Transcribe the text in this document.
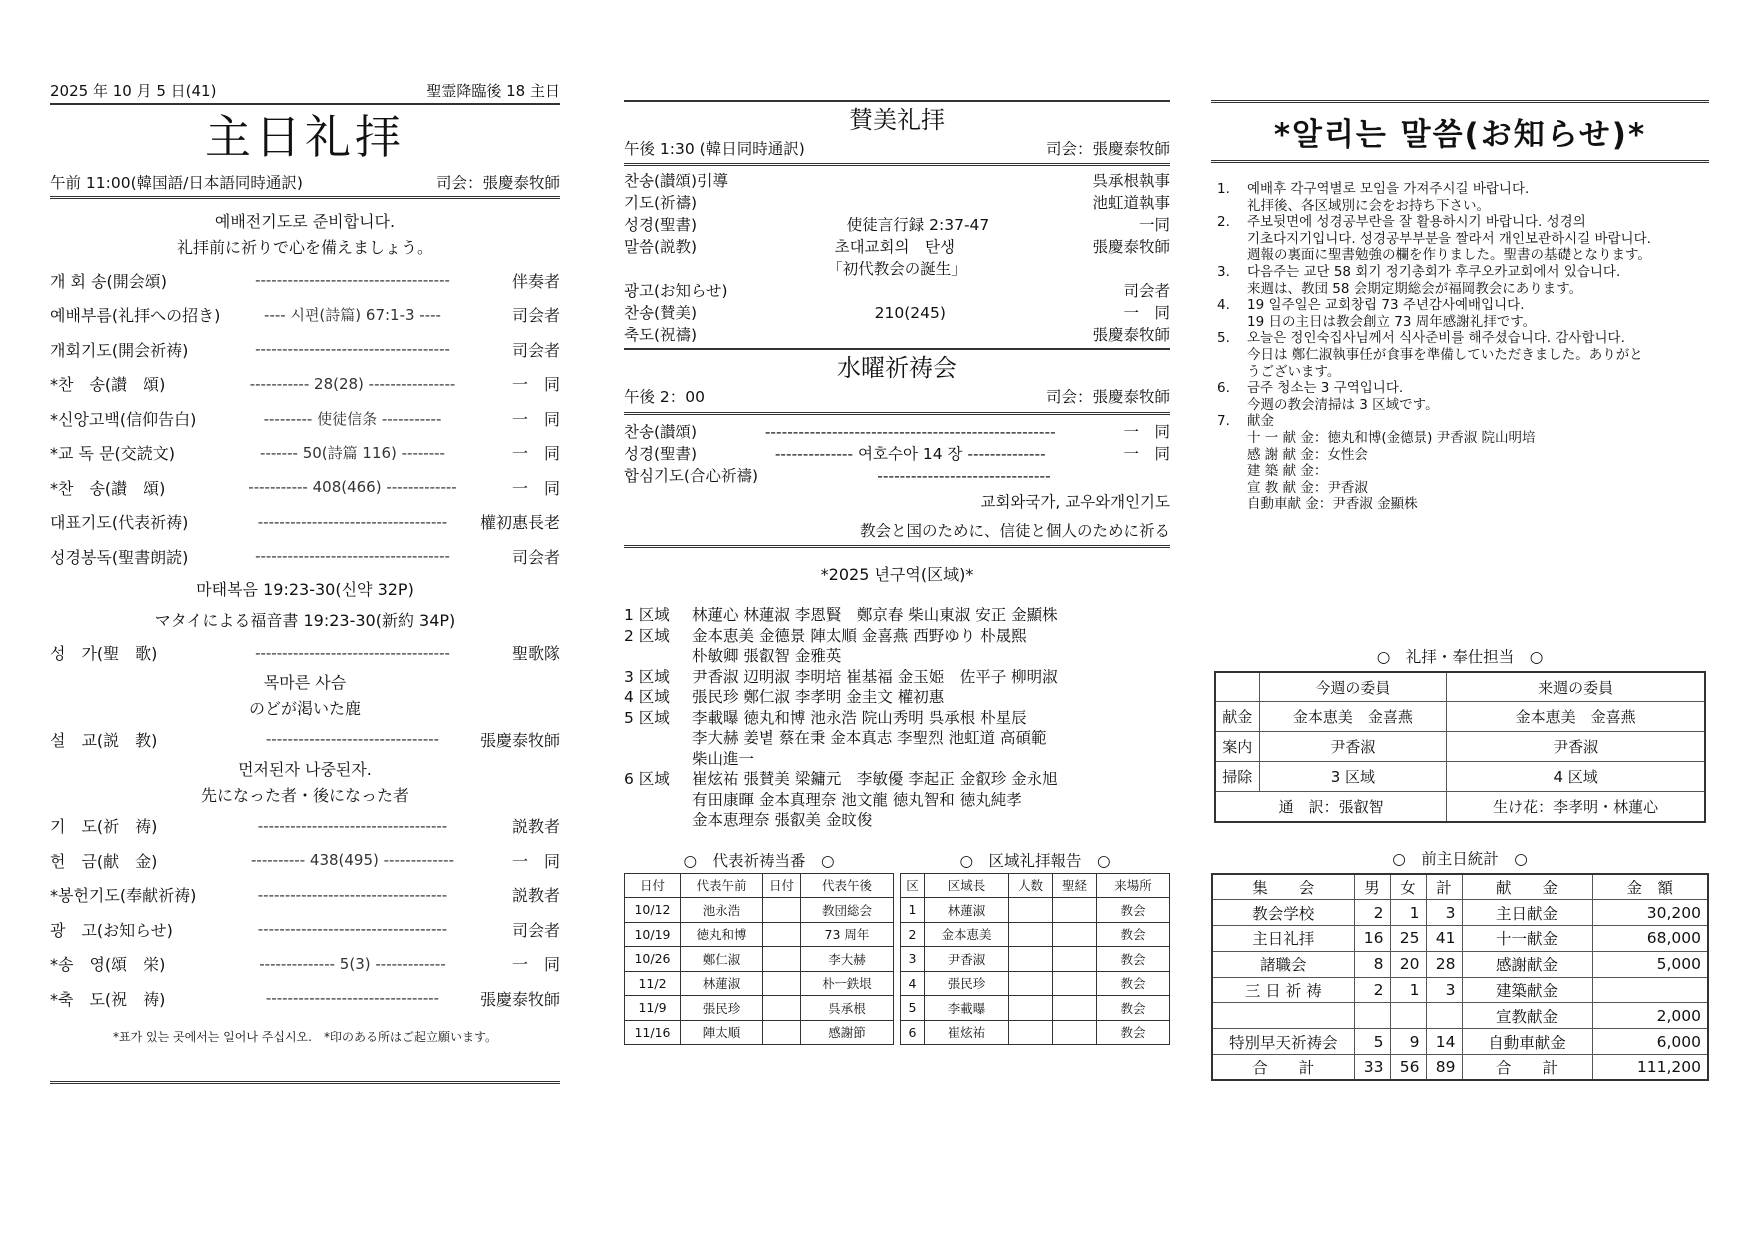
2025 年 10 月 5 日(41)	聖霊降臨後 18 主日
主日礼拝
午前 11:00(韓国語/日本語同時通訳)	司会：張慶泰牧師
예배전기도로 준비합니다.
礼拝前に祈りで心を備えましょう。
개 회 송(開会頌)	------------------------------------	伴奏者
예배부름(礼拝への招き)	---- 시편(詩篇) 67:1-3 ----	司会者
개회기도(開会祈祷)	------------------------------------	司会者
*찬　송(讃　頌)	----------- 28(28) ----------------	一　同
*신앙고백(信仰告白)	--------- 使徒信条 -----------	一　同
*교 독 문(交読文)	------- 50(詩篇 116) --------	一　同
*찬　송(讃　頌)	----------- 408(466) -------------	一　同
대표기도(代表祈祷)	-----------------------------------	權初惠長老
성경봉독(聖書朗読)	------------------------------------	司会者
마태복음 19:23-30(신약 32P)
マタイによる福音書 19:23-30(新約 34P)
성　가(聖　歌)	------------------------------------	聖歌隊
목마른 사슴
のどが渇いた鹿
설　교(説　教)	--------------------------------	張慶泰牧師
먼저된자 나중된자.
先になった者・後になった者
기　도(祈　祷)	-----------------------------------	説教者
헌　금(献　金)	---------- 438(495) -------------	一　同
*봉헌기도(奉献祈祷)	-----------------------------------	説教者
광　고(お知らせ)	-----------------------------------	司会者
*송　영(頌　栄)	-------------- 5(3) -------------	一　同
*축　도(祝　祷)	--------------------------------	張慶泰牧師
*표가 있는 곳에서는 일어나 주십시오.　*印のある所はご起立願います。
賛美礼拝
午後 1:30 (韓日同時通訳)	司会：張慶泰牧師
찬송(讃頌)引導	呉承根執事
기도(祈禱)	池虹道執事
성경(聖書)	使徒言行録 2:37-47	一同
말씀(説教)	초대교회의　탄생	張慶泰牧師
「初代教会の誕生」
광고(お知らせ)	司会者
찬송(賛美)	210(245)	一　同
축도(祝禱)	張慶泰牧師
水曜祈祷会
午後 2：00	司会：張慶泰牧師
찬송(讃頌)	----------------------------------------------------	一　同
성경(聖書)	-------------- 여호수아 14 장 --------------	一　同
합심기도(合心祈禱)	-------------------------------
교회와국가, 교우와개인기도
教会と国のために、信徒と個人のために祈る
*2025 년구역(区域)*
1 区域	林蓮心 林蓮淑 李恩賢　鄭京春 柴山東淑 安正 金顯株
2 区域	金本恵美 金德景 陣太順 金喜燕 西野ゆり 朴晟熙
朴敏卿 張叡智 金雅英
3 区域	尹香淑 辺明淑 李明培 崔基福 金玉姫　佐平子 柳明淑
4 区域	張民珍 鄭仁淑 李孝明 金圭文 權初惠
5 区域	李載曝 徳丸和博 池永浩 院山秀明 呉承根 朴星辰
李大赫 姜볕 蔡在秉 金本真志 李聖烈 池虹道 高碩範
柴山進一
6 区域	崔炫祐 張賛美 梁鏞元　李敏優 李起正 金叡珍 金永旭
有田康暉 金本真理奈 池文龍 徳丸智和 徳丸純孝
金本恵理奈 張叡美 金旼俊
○　代表祈祷当番　○	○　区域礼拝報告　○
日付	代表午前	日付	代表午後
10/12	池永浩		教団総会
10/19	徳丸和博		73 周年
10/26	鄭仁淑		李大赫
11/2	林蓮淑		朴ㅡ鉄垠
11/9	張民珍		呉承根
11/16	陣太順		感謝節
区	区域長	人数	聖経	来場所
1	林蓮淑			教会
2	金本恵美			教会
3	尹香淑			教会
4	張民珍			教会
5	李載曝			教会
6	崔炫祐			教会
*알리는 말씀(お知らせ)*
1.	예배후 각구역별로 모임을 가져주시길 바랍니다.
礼拝後、各区域別に会をお持ち下さい。
2.	주보뒷면에 성경공부란을 잘 활용하시기 바랍니다. 성경의
기초다지기입니다. 성경공부부분을 짤라서 개인보관하시길 바랍니다.
週報の裏面に聖書勉強の欄を作りました。聖書の基礎となります。
3.	다음주는 교단 58 회기 정기총회가 후쿠오카교회에서 있습니다.
来週は、教団 58 会期定期総会が福岡教会にあります。
4.	19 일주일은 교회창립 73 주년감사예배입니다.
19 日の主日は教会創立 73 周年感謝礼拝です。
5.	오늘은 정인숙집사님께서 식사준비를 해주셨습니다. 감사합니다.
今日は 鄭仁淑執事任が食事を準備していただきました。ありがと
うございます。
6.	금주 청소는 3 구역입니다.
今週の教会清掃は 3 区域です。
7.	献金
十 一 献 金：徳丸和博(金德景) 尹香淑 院山明培
感 謝 献 金：女性会
建 築 献 金：
宣 教 献 金：尹香淑
自動車献 金：尹香淑 金顯株
○　礼拝・奉仕担当　○
	今週の委員	来週の委員
献金	金本恵美　金喜燕	金本恵美　金喜燕
案内	尹香淑	尹香淑
掃除	3 区域	4 区域
通　訳：張叡智		生け花：李孝明・林蓮心
○　前主日統計　○
集　　会	男	女	計	献　　金	金　額
教会学校	2	1	3	主日献金	30,200
主日礼拝	16	25	41	十一献金	68,000
諸職会	8	20	28	感謝献金	5,000
三 日 祈 祷	2	1	3	建築献金	
				宣教献金	2,000
特別早天祈祷会	5	9	14	自動車献金	6,000
合　　計	33	56	89	合　　計	111,200
